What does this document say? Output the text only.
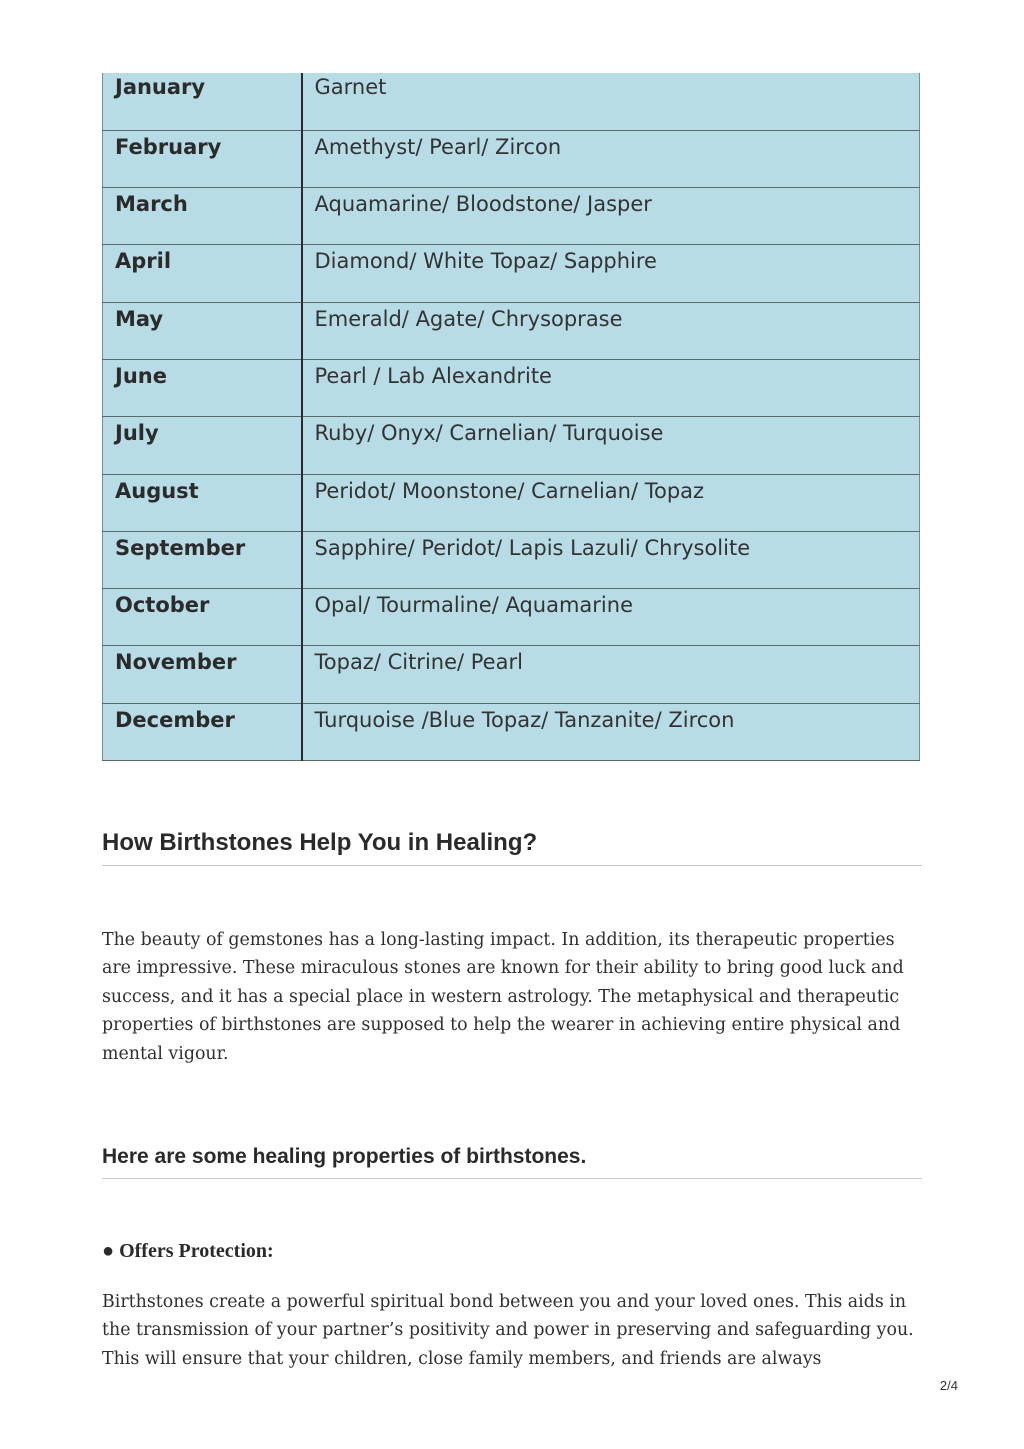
January	Garnet
February	Amethyst/ Pearl/ Zircon
March	Aquamarine/ Bloodstone/ Jasper
April	Diamond/ White Topaz/ Sapphire
May	Emerald/ Agate/ Chrysoprase
June	Pearl / Lab Alexandrite
July	Ruby/ Onyx/ Carnelian/ Turquoise
August	Peridot/ Moonstone/ Carnelian/ Topaz
September	Sapphire/ Peridot/ Lapis Lazuli/ Chrysolite
October	Opal/ Tourmaline/ Aquamarine
November	Topaz/ Citrine/ Pearl
December	Turquoise /Blue Topaz/ Tanzanite/ Zircon
How Birthstones Help You in Healing?

The beauty of gemstones has a long-lasting impact. In addition, its therapeutic properties are impressive. These miraculous stones are known for their ability to bring good luck and success, and it has a special place in western astrology. The metaphysical and therapeutic properties of birthstones are supposed to help the wearer in achieving entire physical and mental vigour.

Here are some healing properties of birthstones.
● Offers Protection:

Birthstones create a powerful spiritual bond between you and your loved ones. This aids in the transmission of your partner’s positivity and power in preserving and safeguarding you. This will ensure that your children, close family members, and friends are always

2/4
